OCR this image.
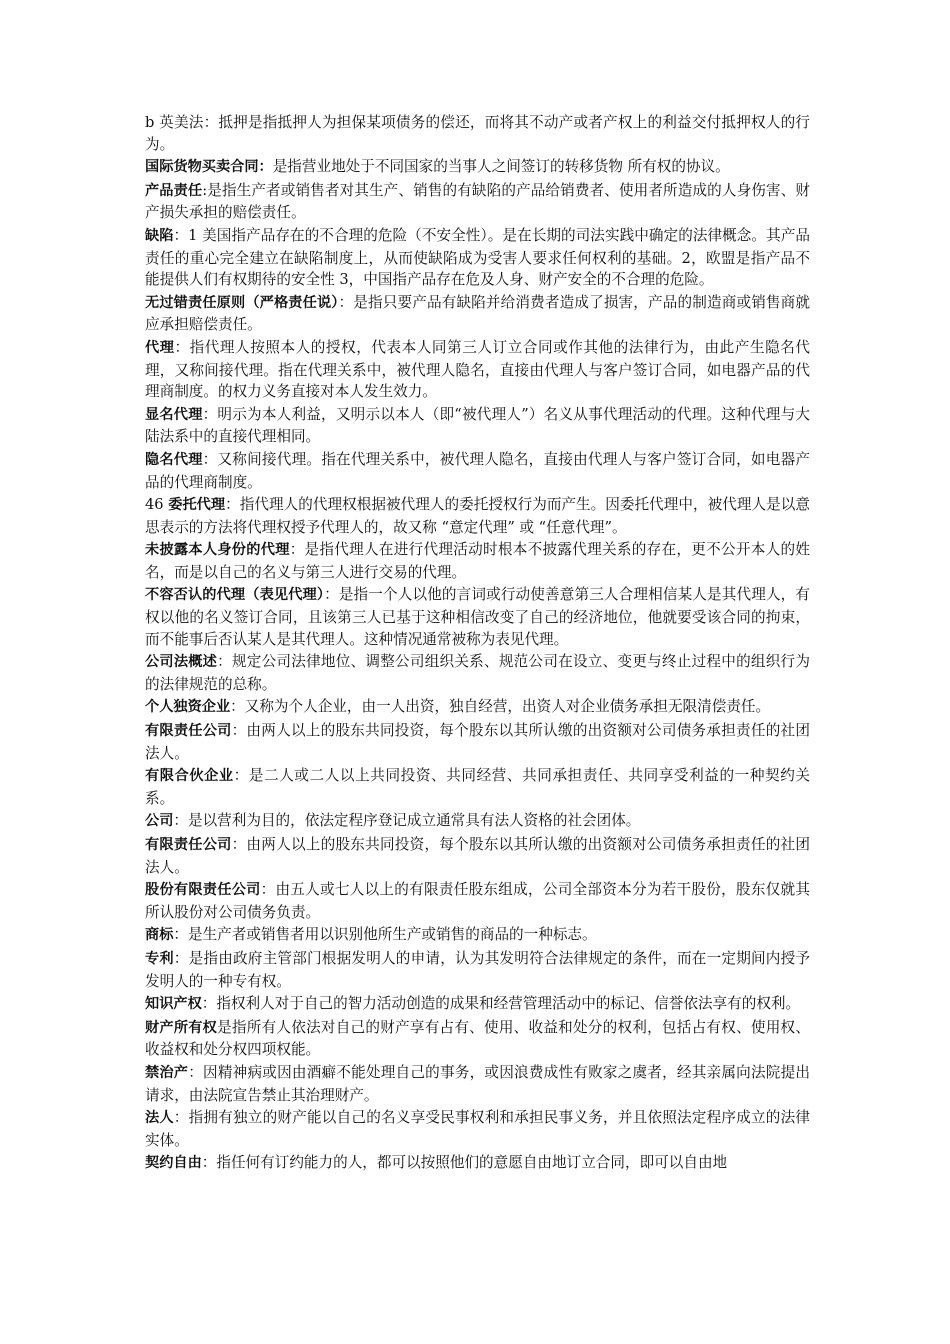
b 英美法：抵押是指抵押人为担保某项债务的偿还，而将其不动产或者产权上的利益交付抵押权人的行为。
国际货物买卖合同：是指营业地处于不同国家的当事人之间签订的转移货物 所有权的协议。
产品责任:是指生产者或销售者对其生产、销售的有缺陷的产品给销费者、使用者所造成的人身伤害、财产损失承担的赔偿责任。
缺陷：1 美国指产品存在的不合理的危险（不安全性）。是在长期的司法实践中确定的法律概念。其产品责任的重心完全建立在缺陷制度上，从而使缺陷成为受害人要求任何权利的基础。2，欧盟是指产品不能提供人们有权期待的安全性 3，中国指产品存在危及人身、财产安全的不合理的危险。
无过错责任原则（严格责任说）：是指只要产品有缺陷并给消费者造成了损害，产品的制造商或销售商就应承担赔偿责任。
代理：指代理人按照本人的授权，代表本人同第三人订立合同或作其他的法律行为，由此产生隐名代理，又称间接代理。指在代理关系中，被代理人隐名，直接由代理人与客户签订合同，如电器产品的代理商制度。的权力义务直接对本人发生效力。
显名代理：明示为本人利益，又明示以本人（即“被代理人”）名义从事代理活动的代理。这种代理与大陆法系中的直接代理相同。
隐名代理：又称间接代理。指在代理关系中，被代理人隐名，直接由代理人与客户签订合同，如电器产品的代理商制度。
46 委托代理：指代理人的代理权根据被代理人的委托授权行为而产生。因委托代理中，被代理人是以意思表示的方法将代理权授予代理人的，故又称 “意定代理” 或 “任意代理”。
未披露本人身份的代理：是指代理人在进行代理活动时根本不披露代理关系的存在，更不公开本人的姓名，而是以自己的名义与第三人进行交易的代理。
不容否认的代理（表见代理）：是指一个人以他的言词或行动使善意第三人合理相信某人是其代理人，有权以他的名义签订合同，且该第三人已基于这种相信改变了自己的经济地位，他就要受该合同的拘束，而不能事后否认某人是其代理人。这种情况通常被称为表见代理。
公司法概述：规定公司法律地位、调整公司组织关系、规范公司在设立、变更与终止过程中的组织行为的法律规范的总称。
个人独资企业：又称为个人企业，由一人出资，独自经营，出资人对企业债务承担无限清偿责任。
有限责任公司：由两人以上的股东共同投资，每个股东以其所认缴的出资额对公司债务承担责任的社团法人。
有限合伙企业：是二人或二人以上共同投资、共同经营、共同承担责任、共同享受利益的一种契约关系。
公司：是以营利为目的，依法定程序登记成立通常具有法人资格的社会团体。
有限责任公司：由两人以上的股东共同投资，每个股东以其所认缴的出资额对公司债务承担责任的社团法人。
股份有限责任公司：由五人或七人以上的有限责任股东组成，公司全部资本分为若干股份，股东仅就其所认股份对公司债务负责。
商标：是生产者或销售者用以识别他所生产或销售的商品的一种标志。
专利：是指由政府主管部门根据发明人的申请，认为其发明符合法律规定的条件，而在一定期间内授予发明人的一种专有权。
知识产权：指权利人对于自己的智力活动创造的成果和经营管理活动中的标记、信誉依法享有的权利。
财产所有权是指所有人依法对自己的财产享有占有、使用、收益和处分的权利，包括占有权、使用权、收益权和处分权四项权能。
禁治产：因精神病或因由酒癖不能处理自己的事务，或因浪费成性有败家之虞者，经其亲属向法院提出请求，由法院宣告禁止其治理财产。
法人：指拥有独立的财产能以自己的名义享受民事权利和承担民事义务，并且依照法定程序成立的法律实体。
契约自由：指任何有订约能力的人，都可以按照他们的意愿自由地订立合同，即可以自由地
